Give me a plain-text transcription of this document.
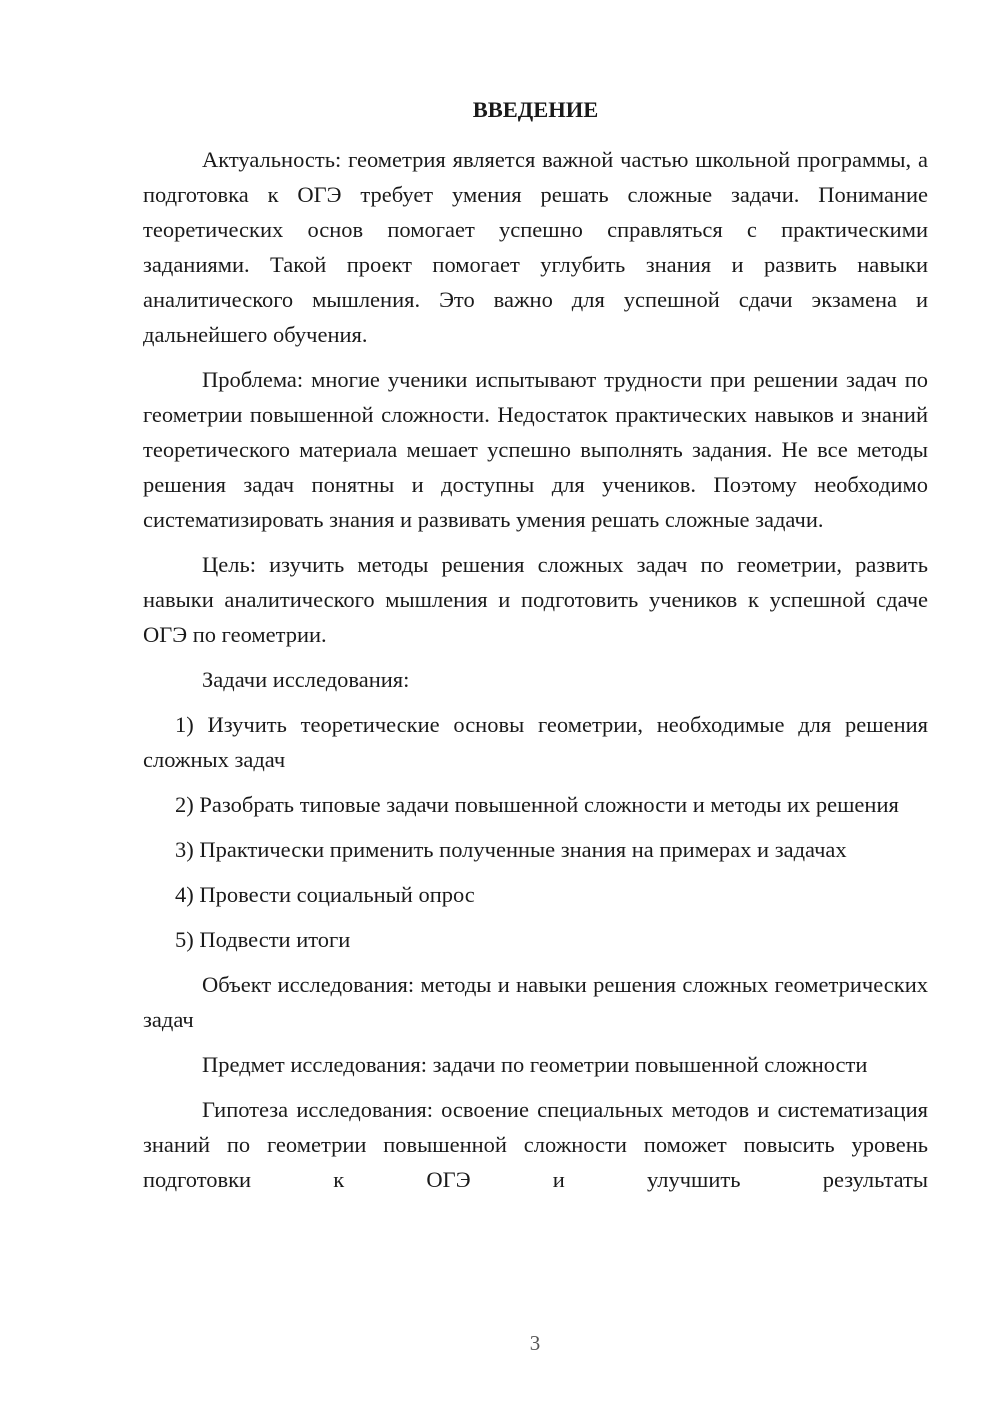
ВВЕДЕНИЕ

Актуальность: геометрия является важной частью школьной программы, а подготовка к ОГЭ требует умения решать сложные задачи. Понимание теоретических основ помогает успешно справляться с практическими заданиями. Такой проект помогает углубить знания и развить навыки аналитического мышления. Это важно для успешной сдачи экзамена и дальнейшего обучения.

Проблема: многие ученики испытывают трудности при решении задач по геометрии повышенной сложности. Недостаток практических навыков и знаний теоретического материала мешает успешно выполнять задания. Не все методы решения задач понятны и доступны для учеников. Поэтому необходимо систематизировать знания и развивать умения решать сложные задачи.

Цель: изучить методы решения сложных задач по геометрии, развить навыки аналитического мышления и подготовить учеников к успешной сдаче ОГЭ по геометрии.

Задачи исследования:

1) Изучить теоретические основы геометрии, необходимые для решения сложных задач

2) Разобрать типовые задачи повышенной сложности и методы их решения

3) Практически применить полученные знания на примерах и задачах

4) Провести социальный опрос

5) Подвести итоги

Объект исследования: методы и навыки решения сложных геометрических задач

Предмет исследования: задачи по геометрии повышенной сложности

Гипотеза исследования: освоение специальных методов и систематизация знаний по геометрии повышенной сложности поможет повысить уровень подготовки к ОГЭ и улучшить результаты

3
